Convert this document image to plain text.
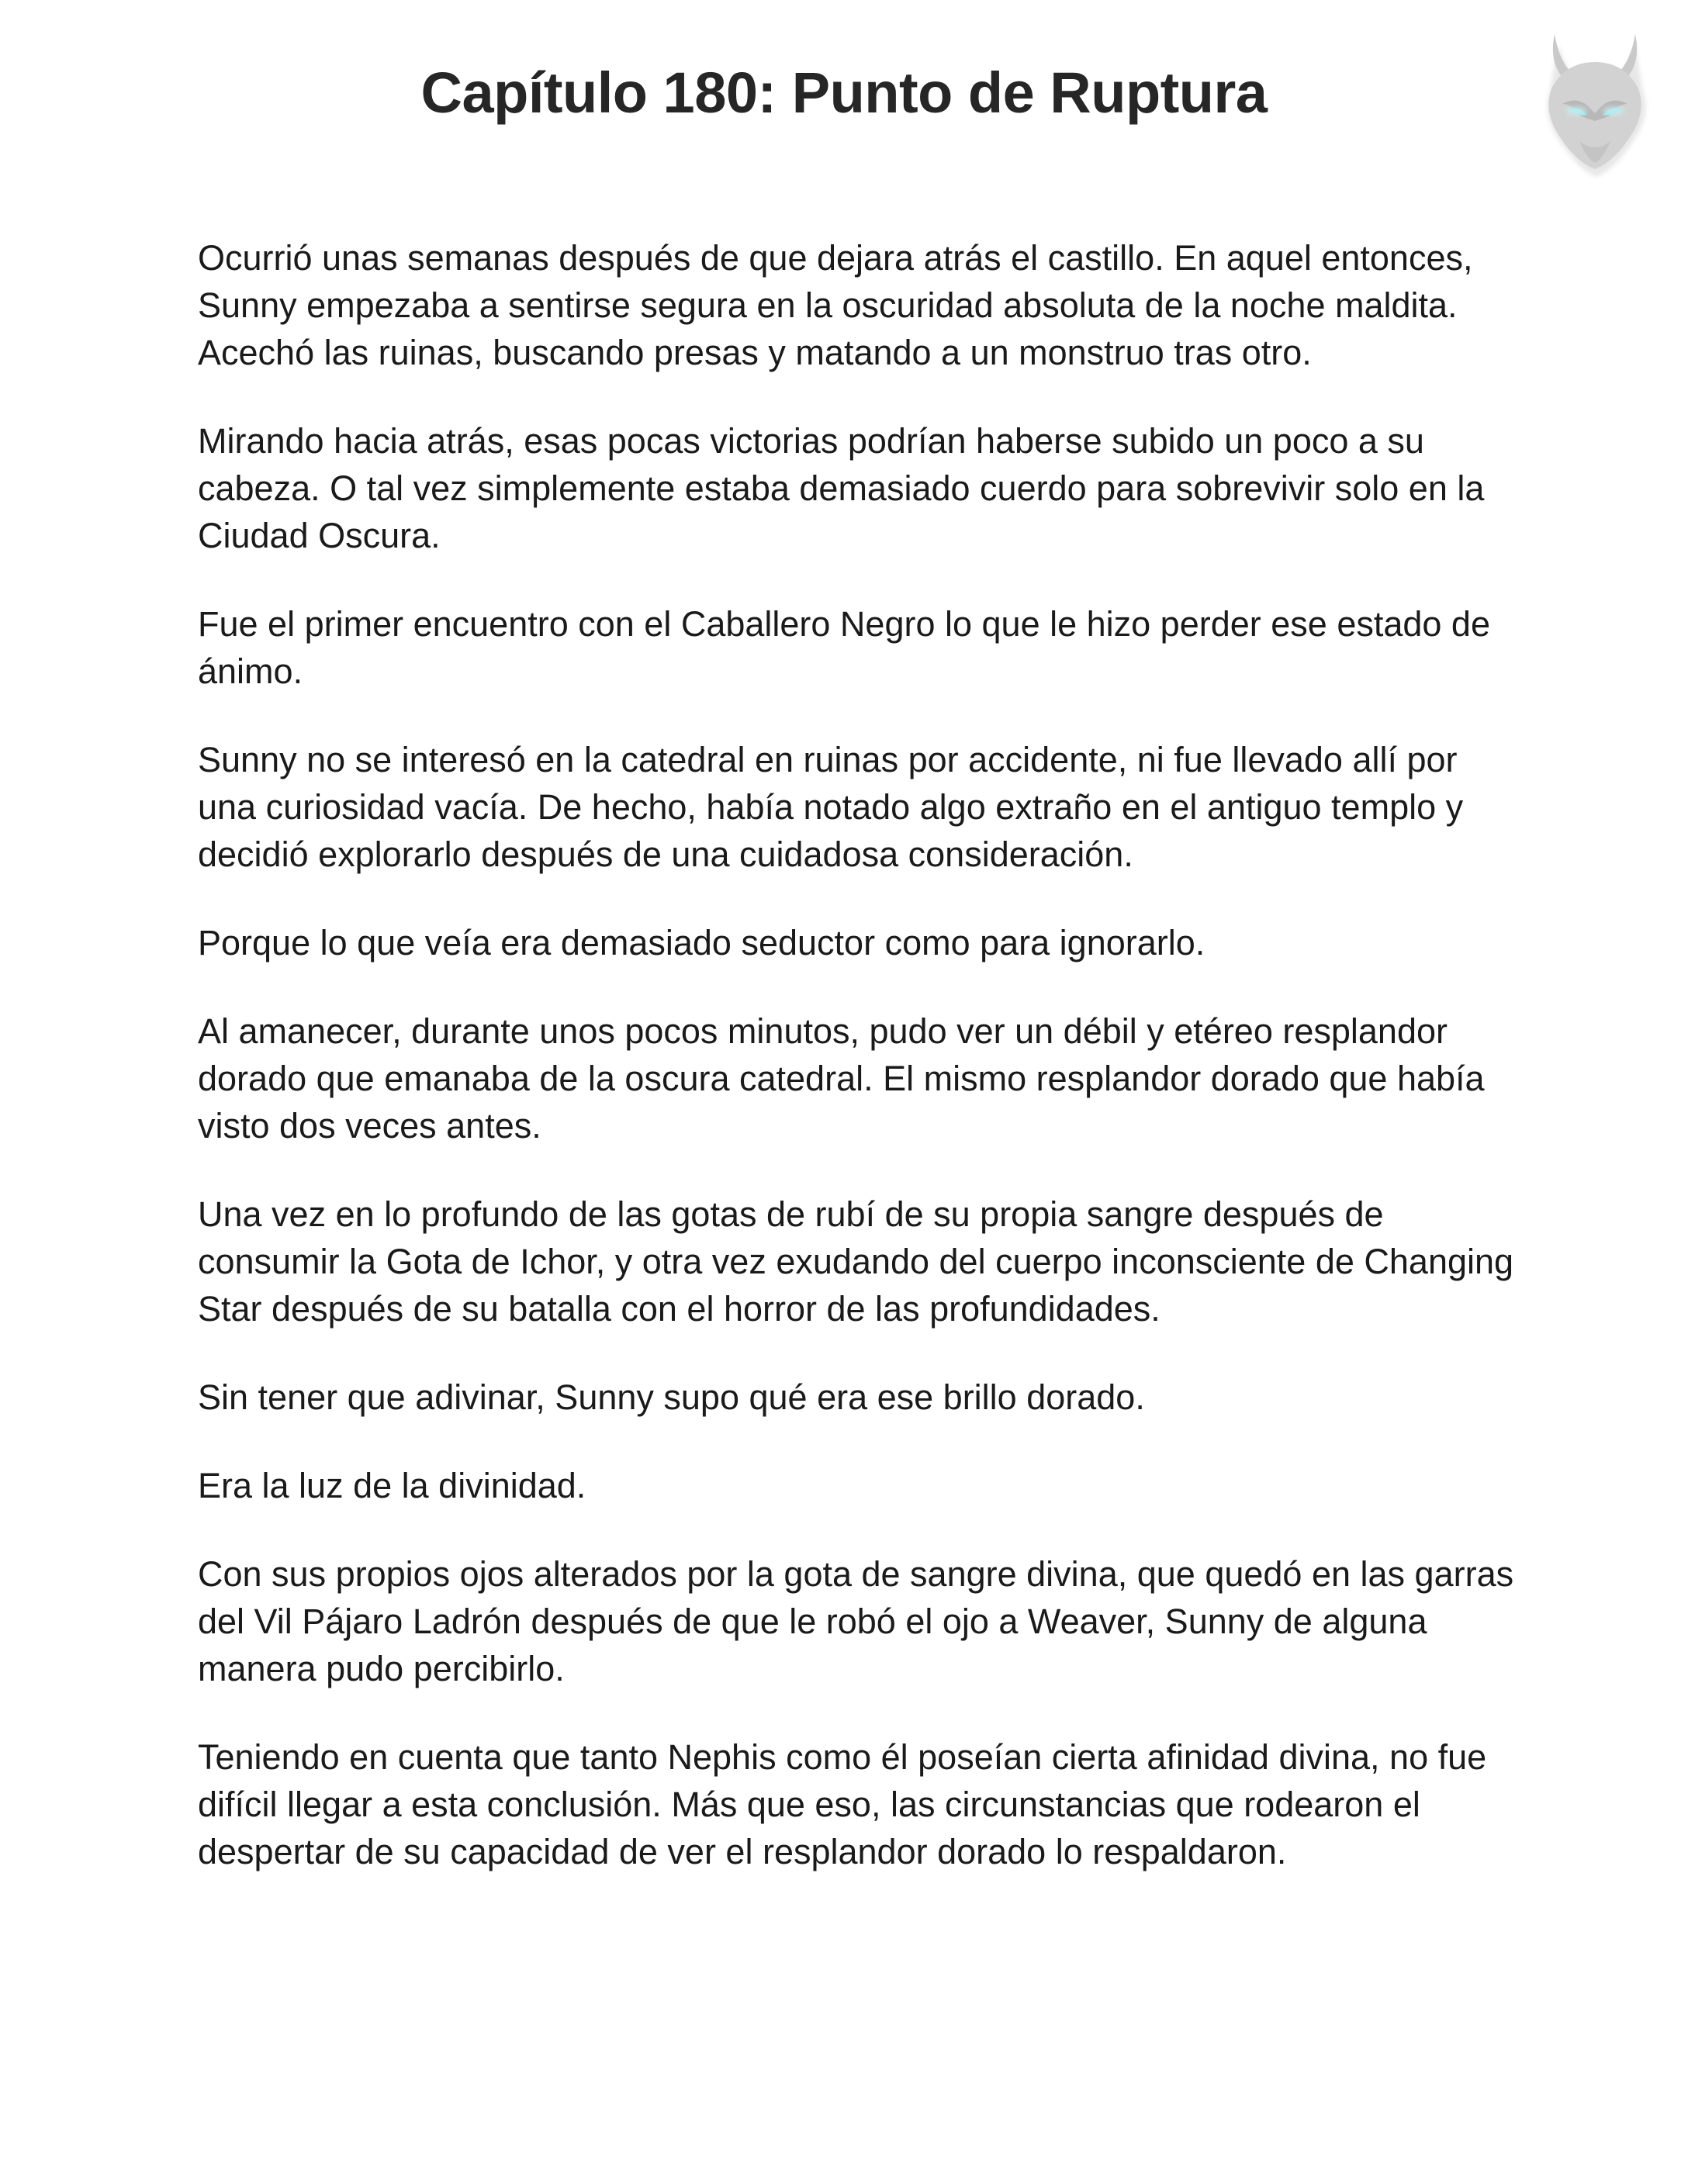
Capítulo 180: Punto de Ruptura

Ocurrió unas semanas después de que dejara atrás el castillo. En aquel entonces, Sunny empezaba a sentirse segura en la oscuridad absoluta de la noche maldita. Acechó las ruinas, buscando presas y matando a un monstruo tras otro.

Mirando hacia atrás, esas pocas victorias podrían haberse subido un poco a su cabeza. O tal vez simplemente estaba demasiado cuerdo para sobrevivir solo en la Ciudad Oscura.

Fue el primer encuentro con el Caballero Negro lo que le hizo perder ese estado de ánimo.

Sunny no se interesó en la catedral en ruinas por accidente, ni fue llevado allí por una curiosidad vacía. De hecho, había notado algo extraño en el antiguo templo y decidió explorarlo después de una cuidadosa consideración.

Porque lo que veía era demasiado seductor como para ignorarlo.

Al amanecer, durante unos pocos minutos, pudo ver un débil y etéreo resplandor dorado que emanaba de la oscura catedral. El mismo resplandor dorado que había visto dos veces antes.

Una vez en lo profundo de las gotas de rubí de su propia sangre después de consumir la Gota de Ichor, y otra vez exudando del cuerpo inconsciente de Changing Star después de su batalla con el horror de las profundidades.

Sin tener que adivinar, Sunny supo qué era ese brillo dorado.

Era la luz de la divinidad.

Con sus propios ojos alterados por la gota de sangre divina, que quedó en las garras del Vil Pájaro Ladrón después de que le robó el ojo a Weaver, Sunny de alguna manera pudo percibirlo.

Teniendo en cuenta que tanto Nephis como él poseían cierta afinidad divina, no fue difícil llegar a esta conclusión. Más que eso, las circunstancias que rodearon el despertar de su capacidad de ver el resplandor dorado lo respaldaron.
